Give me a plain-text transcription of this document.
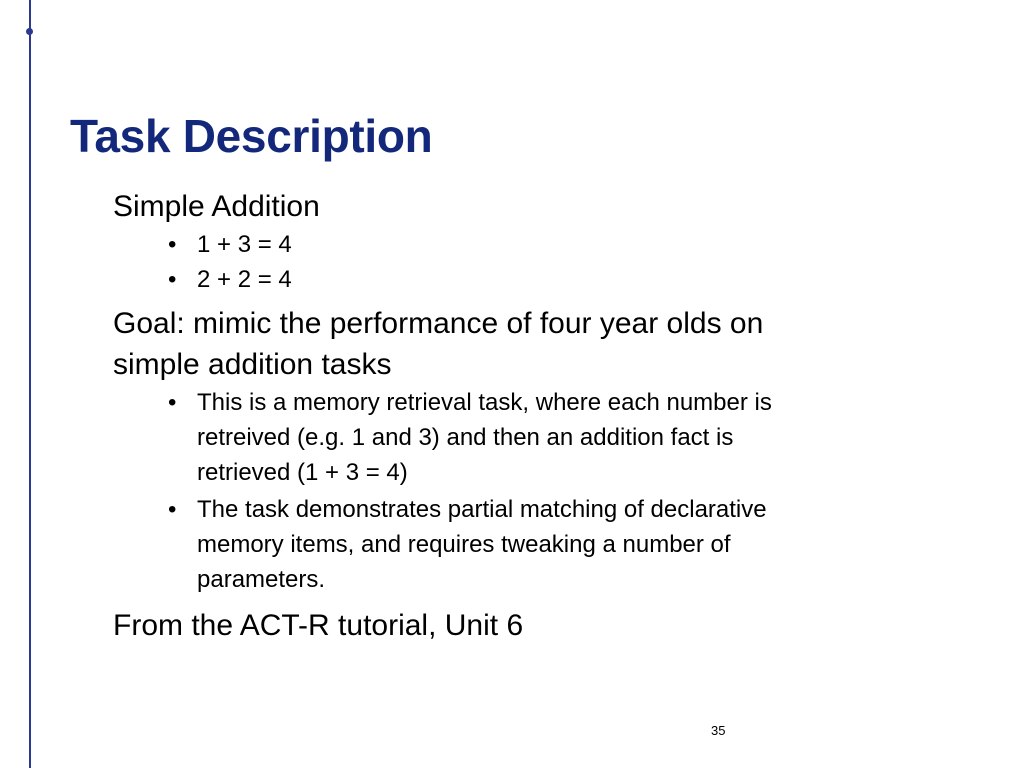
Task Description

Simple Addition

• 1 + 3 = 4
• 2 + 2 = 4

Goal: mimic the performance of four year olds on
simple addition tasks

• This is a memory retrieval task, where each number is
retreived (e.g. 1 and 3) and then an addition fact is
retrieved (1 + 3 = 4)
• The task demonstrates partial matching of declarative
memory items, and requires tweaking a number of
parameters.

From the ACT-R tutorial, Unit 6

35
